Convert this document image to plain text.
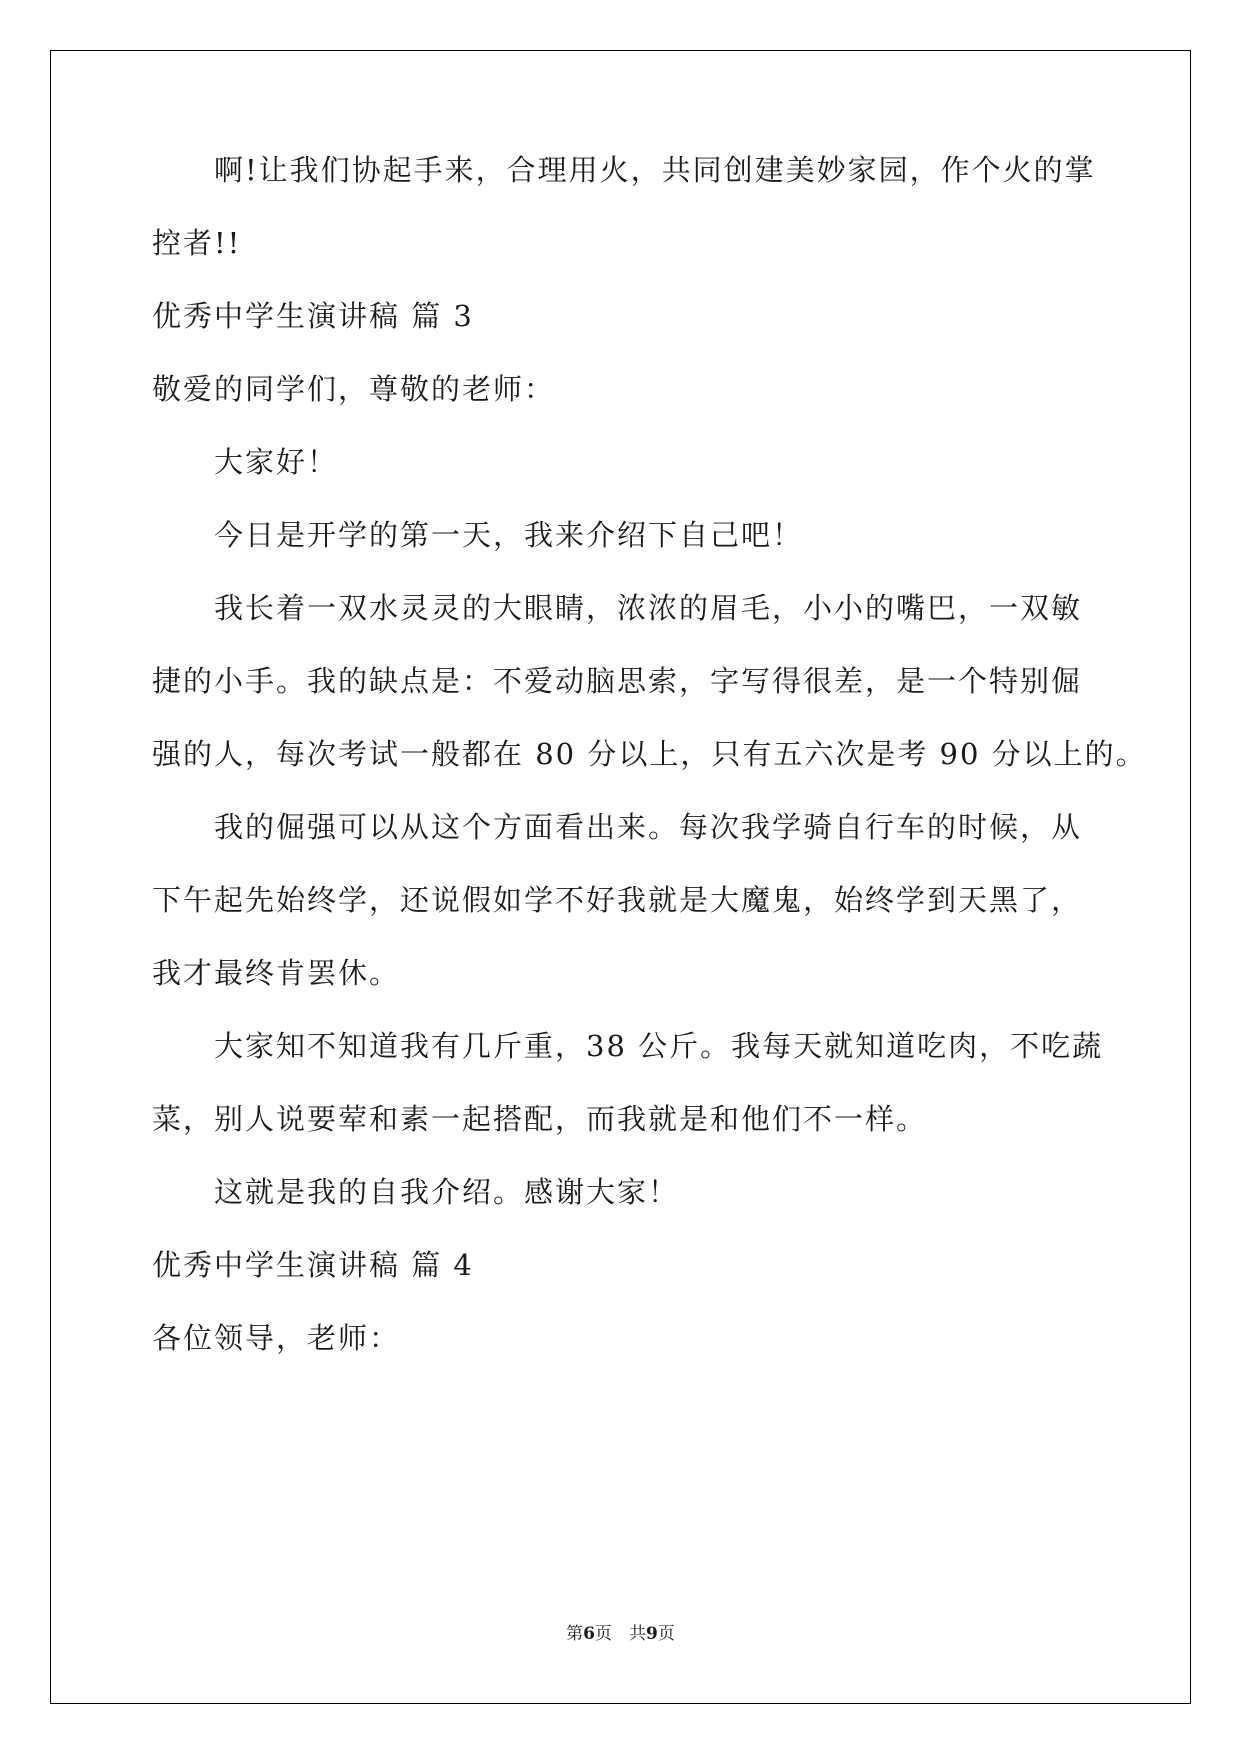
啊!让我们协起手来，合理用火，共同创建美妙家园，作个火的掌
控者!!
优秀中学生演讲稿 篇 3
敬爱的同学们，尊敬的老师：
大家好！
今日是开学的第一天，我来介绍下自己吧！
我长着一双水灵灵的大眼睛，浓浓的眉毛，小小的嘴巴，一双敏
捷的小手。我的缺点是：不爱动脑思索，字写得很差，是一个特别倔
强的人，每次考试一般都在 80 分以上，只有五六次是考 90 分以上的。
我的倔强可以从这个方面看出来。每次我学骑自行车的时候，从
下午起先始终学，还说假如学不好我就是大魔鬼，始终学到天黑了，
我才最终肯罢休。
大家知不知道我有几斤重，38 公斤。我每天就知道吃肉，不吃蔬
菜，别人说要荤和素一起搭配，而我就是和他们不一样。
这就是我的自我介绍。感谢大家！
优秀中学生演讲稿 篇 4
各位领导，老师：
第6页　共9页
